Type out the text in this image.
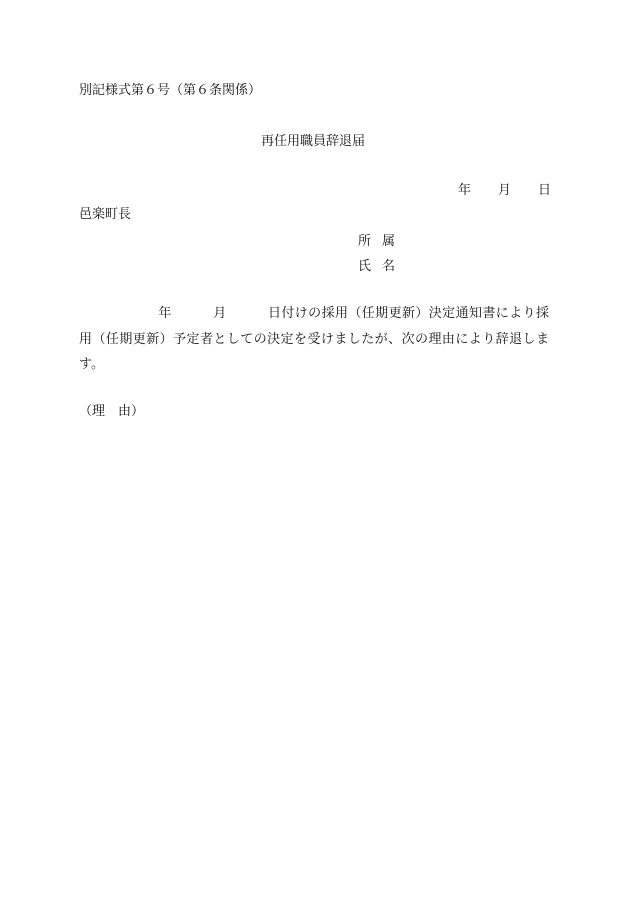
別記様式第６号（第６条関係）
再任用職員辞退届
年 月 日
邑楽町長
所 属
氏 名
年	月	日付けの採用（任期更新）決定通知書により採用（任期更新）予定者としての決定を受けましたが、次の理由により辞退します。
（理 由）
